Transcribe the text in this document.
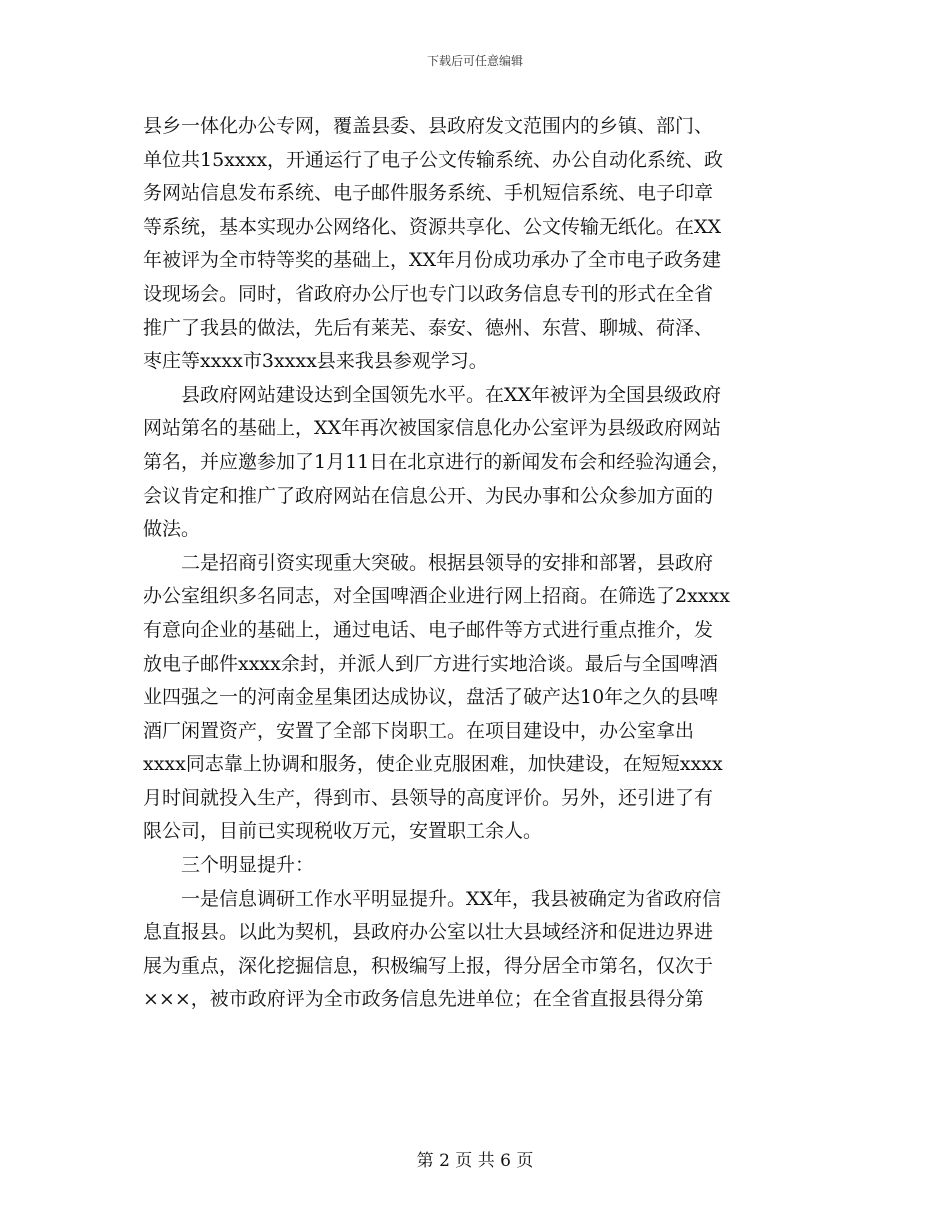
下载后可任意编辑
县乡一体化办公专网，覆盖县委、县政府发文范围内的乡镇、部门、
单位共15xxxx，开通运行了电子公文传输系统、办公自动化系统、政
务网站信息发布系统、电子邮件服务系统、手机短信系统、电子印章
等系统，基本实现办公网络化、资源共享化、公文传输无纸化。在XX
年被评为全市特等奖的基础上，XX年月份成功承办了全市电子政务建
设现场会。同时，省政府办公厅也专门以政务信息专刊的形式在全省
推广了我县的做法，先后有莱芜、泰安、德州、东营、聊城、荷泽、
枣庄等xxxx市3xxxx县来我县参观学习。
县政府网站建设达到全国领先水平。在XX年被评为全国县级政府
网站第名的基础上，XX年再次被国家信息化办公室评为县级政府网站
第名，并应邀参加了1月11日在北京进行的新闻发布会和经验沟通会，
会议肯定和推广了政府网站在信息公开、为民办事和公众参加方面的
做法。
二是招商引资实现重大突破。根据县领导的安排和部署，县政府
办公室组织多名同志，对全国啤酒企业进行网上招商。在筛选了2xxxx
有意向企业的基础上，通过电话、电子邮件等方式进行重点推介，发
放电子邮件xxxx余封，并派人到厂方进行实地洽谈。最后与全国啤酒
业四强之一的河南金星集团达成协议，盘活了破产达10年之久的县啤
酒厂闲置资产，安置了全部下岗职工。在项目建设中，办公室拿出
xxxx同志靠上协调和服务，使企业克服困难，加快建设，在短短xxxx
月时间就投入生产，得到市、县领导的高度评价。另外，还引进了有
限公司，目前已实现税收万元，安置职工余人。
三个明显提升：
一是信息调研工作水平明显提升。XX年，我县被确定为省政府信
息直报县。以此为契机，县政府办公室以壮大县域经济和促进边界进
展为重点，深化挖掘信息，积极编写上报，得分居全市第名，仅次于
×××，被市政府评为全市政务信息先进单位；在全省直报县得分第
第 2 页 共 6 页
